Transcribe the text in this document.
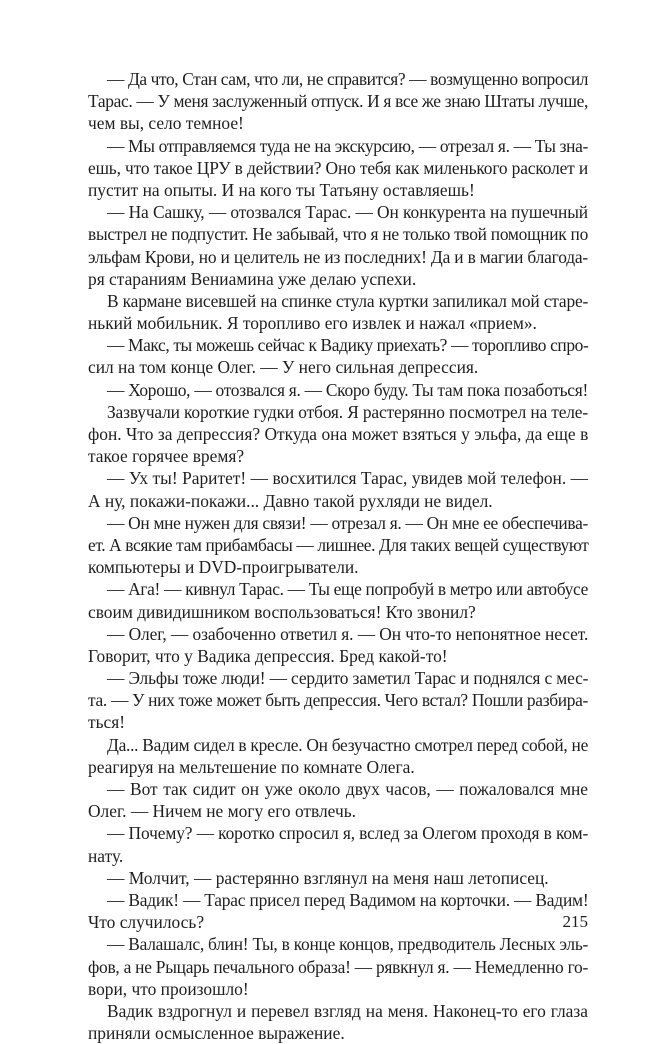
— Да что, Стан сам, что ли, не справится? — возмущенно вопросил
Тарас. — У меня заслуженный отпуск. И я все же знаю Штаты лучше,
чем вы, село темное!
— Мы отправляемся туда не на экскурсию, — отрезал я. — Ты зна-
ешь, что такое ЦРУ в действии? Оно тебя как миленького расколет и
пустит на опыты. И на кого ты Татьяну оставляешь!
— На Сашку, — отозвался Тарас. — Он конкурента на пушечный
выстрел не подпустит. Не забывай, что я не только твой помощник по
эльфам Крови, но и целитель не из последних! Да и в магии благода-
ря стараниям Вениамина уже делаю успехи.
В кармане висевшей на спинке стула куртки запиликал мой старе-
нький мобильник. Я торопливо его извлек и нажал «прием».
— Макс, ты можешь сейчас к Вадику приехать? — торопливо спро-
сил на том конце Олег. — У него сильная депрессия.
— Хорошо, — отозвался я. — Скоро буду. Ты там пока позаботься!
Зазвучали короткие гудки отбоя. Я растерянно посмотрел на теле-
фон. Что за депрессия? Откуда она может взяться у эльфа, да еще в
такое горячее время?
— Ух ты! Раритет! — восхитился Тарас, увидев мой телефон. —
А ну, покажи-покажи... Давно такой рухляди не видел.
— Он мне нужен для связи! — отрезал я. — Он мне ее обеспечива-
ет. А всякие там прибамбасы — лишнее. Для таких вещей существуют
компьютеры и DVD-проигрыватели.
— Ага! — кивнул Тарас. — Ты еще попробуй в метро или автобусе
своим дивидишником воспользоваться! Кто звонил?
— Олег, — озабоченно ответил я. — Он что-то непонятное несет.
Говорит, что у Вадика депрессия. Бред какой-то!
— Эльфы тоже люди! — сердито заметил Тарас и поднялся с мес-
та. — У них тоже может быть депрессия. Чего встал? Пошли разбира-
ться!
Да... Вадим сидел в кресле. Он безучастно смотрел перед собой, не
реагируя на мельтешение по комнате Олега.
— Вот так сидит он уже около двух часов, — пожаловался мне
Олег. — Ничем не могу его отвлечь.
— Почему? — коротко спросил я, вслед за Олегом проходя в ком-
нату.
— Молчит, — растерянно взглянул на меня наш летописец.
— Вадик! — Тарас присел перед Вадимом на корточки. — Вадим!
Что случилось?
— Валашалс, блин! Ты, в конце концов, предводитель Лесных эль-
фов, а не Рыцарь печального образа! — рявкнул я. — Немедленно го-
вори, что произошло!
Вадик вздрогнул и перевел взгляд на меня. Наконец-то его глаза
приняли осмысленное выражение.
215
